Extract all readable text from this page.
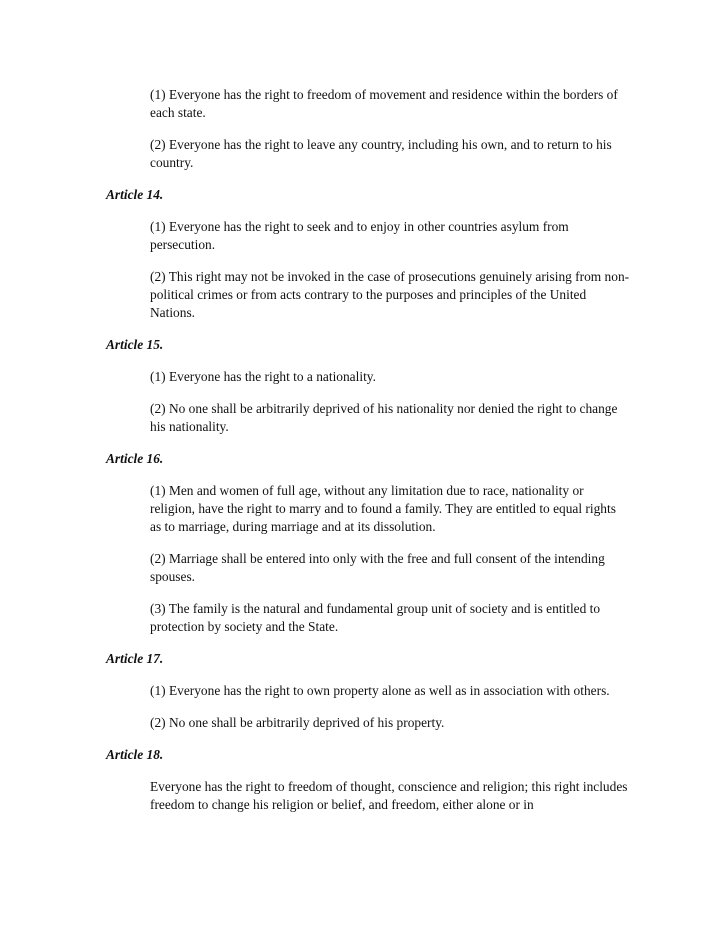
(1) Everyone has the right to freedom of movement and residence within the borders of each state.

(2) Everyone has the right to leave any country, including his own, and to return to his country.

Article 14.

(1) Everyone has the right to seek and to enjoy in other countries asylum from persecution.

(2) This right may not be invoked in the case of prosecutions genuinely arising from non-political crimes or from acts contrary to the purposes and principles of the United Nations.

Article 15.

(1) Everyone has the right to a nationality.

(2) No one shall be arbitrarily deprived of his nationality nor denied the right to change his nationality.

Article 16.

(1) Men and women of full age, without any limitation due to race, nationality or religion, have the right to marry and to found a family. They are entitled to equal rights as to marriage, during marriage and at its dissolution.

(2) Marriage shall be entered into only with the free and full consent of the intending spouses.

(3) The family is the natural and fundamental group unit of society and is entitled to protection by society and the State.

Article 17.

(1) Everyone has the right to own property alone as well as in association with others.

(2) No one shall be arbitrarily deprived of his property.

Article 18.

Everyone has the right to freedom of thought, conscience and religion; this right includes freedom to change his religion or belief, and freedom, either alone or in
